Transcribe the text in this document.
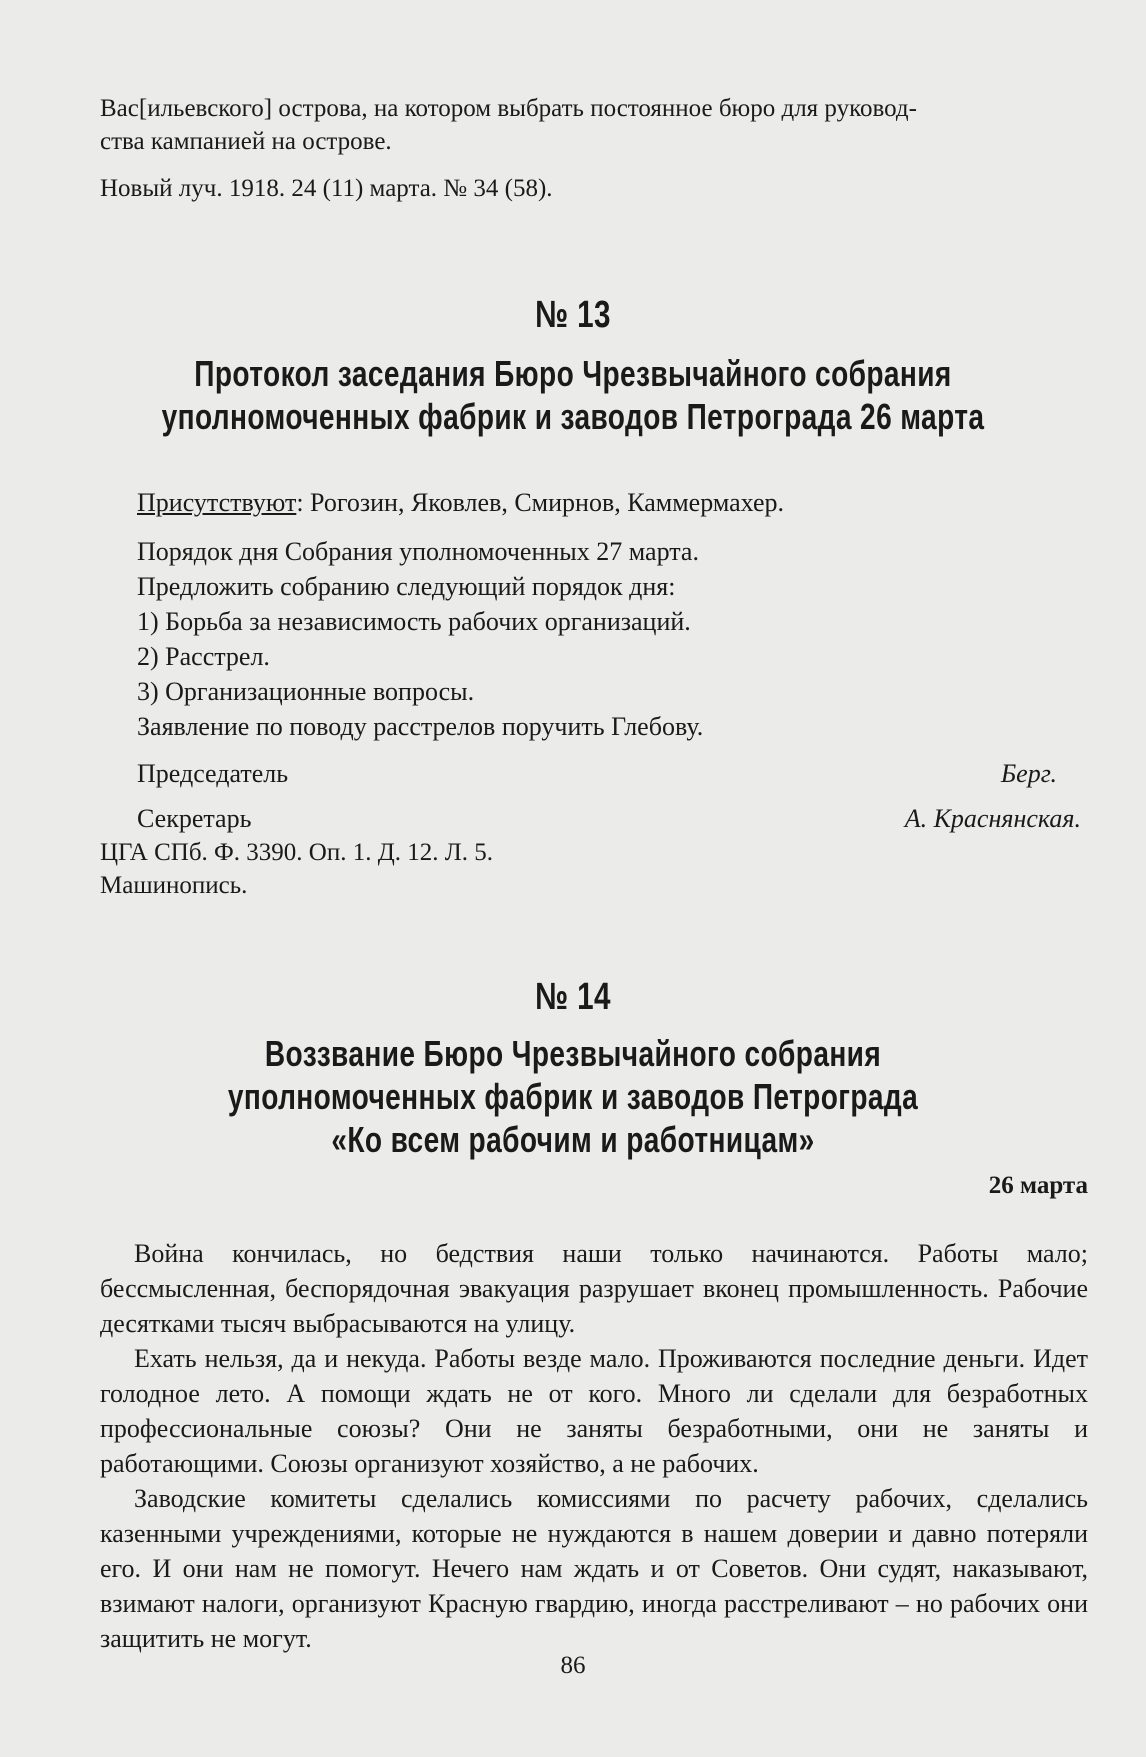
Вас[ильевского] острова, на котором выбрать постоянное бюро для руковод-
ства кампанией на острове.
Новый луч. 1918. 24 (11) марта. № 34 (58).
№ 13
Протокол заседания Бюро Чрезвычайного собрания
уполномоченных фабрик и заводов Петрограда 26 марта
Присутствуют: Рогозин, Яковлев, Смирнов, Каммермахер.
Порядок дня Собрания уполномоченных 27 марта.
Предложить собранию следующий порядок дня:
1) Борьба за независимость рабочих организаций.
2) Расстрел.
3) Организационные вопросы.
Заявление по поводу расстрелов поручить Глебову.
Председатель	Берг.
Секретарь	А. Краснянская.
ЦГА СПб. Ф. 3390. Оп. 1. Д. 12. Л. 5.
Машинопись.
№ 14
Воззвание Бюро Чрезвычайного собрания
уполномоченных фабрик и заводов Петрограда
«Ко всем рабочим и работницам»
26 марта

Война кончилась, но бедствия наши только начинаются. Работы мало; бессмысленная, беспорядочная эвакуация разрушает вконец промышленность. Рабочие десятками тысяч выбрасываются на улицу.

Ехать нельзя, да и некуда. Работы везде мало. Проживаются последние деньги. Идет голодное лето. А помощи ждать не от кого. Много ли сделали для безработных профессиональные союзы? Они не заняты безработными, они не заняты и работающими. Союзы организуют хозяйство, а не рабочих.

Заводские комитеты сделались комиссиями по расчету рабочих, сделались казенными учреждениями, которые не нуждаются в нашем доверии и давно потеряли его. И они нам не помогут. Нечего нам ждать и от Советов. Они судят, наказывают, взимают налоги, организуют Красную гвардию, иногда расстреливают – но рабочих они защитить не могут.

86
